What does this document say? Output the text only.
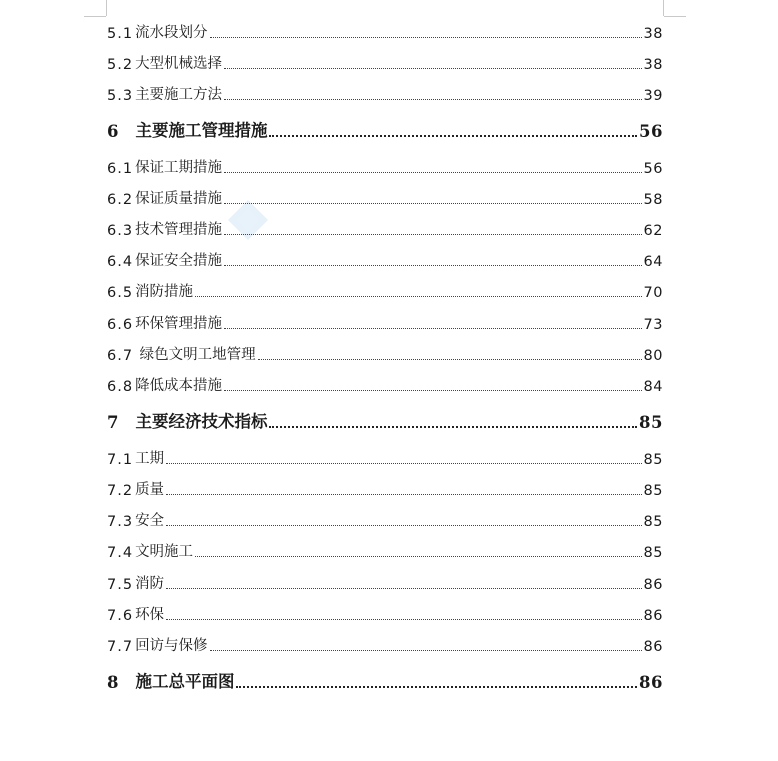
5.1 流水段划分	38
5.2 大型机械选择	38
5.3 主要施工方法	39
6 主要施工管理措施	56
6.1 保证工期措施	56
6.2 保证质量措施	58
6.3 技术管理措施	62
6.4 保证安全措施	64
6.5 消防措施	70
6.6 环保管理措施	73
6.7 绿色文明工地管理	80
6.8 降低成本措施	84
7 主要经济技术指标	85
7.1 工期	85
7.2 质量	85
7.3 安全	85
7.4 文明施工	85
7.5 消防	86
7.6 环保	86
7.7 回访与保修	86
8 施工总平面图	86
